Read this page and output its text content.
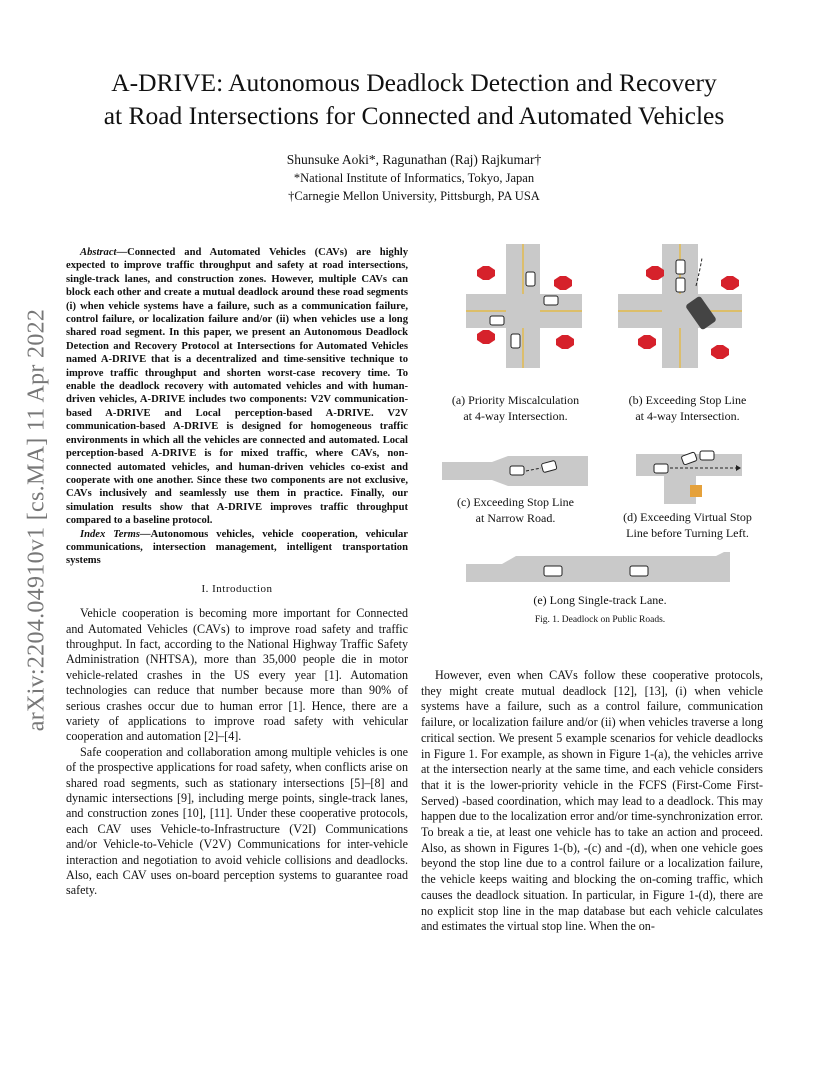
A-DRIVE: Autonomous Deadlock Detection and Recovery
at Road Intersections for Connected and Automated Vehicles
Shunsuke Aoki*, Ragunathan (Raj) Rajkumar†
*National Institute of Informatics, Tokyo, Japan
†Carnegie Mellon University, Pittsburgh, PA USA
arXiv:2204.04910v1 [cs.MA] 11 Apr 2022

Abstract—Connected and Automated Vehicles (CAVs) are highly expected to improve traffic throughput and safety at road intersections, single-track lanes, and construction zones. However, multiple CAVs can block each other and create a mutual deadlock around these road segments (i) when vehicle systems have a failure, such as a communication failure, control failure, or localization failure and/or (ii) when vehicles use a long shared road segment. In this paper, we present an Autonomous Deadlock Detection and Recovery Protocol at Intersections for Automated Vehicles named A-DRIVE that is a decentralized and time-sensitive technique to improve traffic throughput and shorten worst-case recovery time. To enable the deadlock recovery with automated vehicles and with human-driven vehicles, A-DRIVE includes two components: V2V communication-based A-DRIVE and Local perception-based A-DRIVE. V2V communication-based A-DRIVE is designed for homogeneous traffic environments in which all the vehicles are connected and automated. Local perception-based A-DRIVE is for mixed traffic, where CAVs, non-connected automated vehicles, and human-driven vehicles co-exist and cooperate with one another. Since these two components are not exclusive, CAVs inclusively and seamlessly use them in practice. Finally, our simulation results show that A-DRIVE improves traffic throughput compared to a baseline protocol.

Index Terms—Autonomous vehicles, vehicle cooperation, vehicular communications, intersection management, intelligent transportation systems

I. Introduction

Vehicle cooperation is becoming more important for Connected and Automated Vehicles (CAVs) to improve road safety and traffic throughput. In fact, according to the National Highway Traffic Safety Administration (NHTSA), more than 35,000 people die in motor vehicle-related crashes in the US every year [1]. Automation technologies can reduce that number because more than 90% of serious crashes occur due to human error [1]. Hence, there are a variety of applications to improve road safety with vehicular cooperation and automation [2]–[4].

Safe cooperation and collaboration among multiple vehicles is one of the prospective applications for road safety, when conflicts arise on shared road segments, such as stationary intersections [5]–[8] and dynamic intersections [9], including merge points, single-track lanes, and construction zones [10], [11]. Under these cooperative protocols, each CAV uses Vehicle-to-Infrastructure (V2I) Communications and/or Vehicle-to-Vehicle (V2V) Communications for inter-vehicle interaction and negotiation to avoid vehicle collisions and deadlocks. Also, each CAV uses on-board perception systems to guarantee road safety.

(a) Priority Miscalculation
at 4-way Intersection.
(b) Exceeding Stop Line
at 4-way Intersection.
(c) Exceeding Stop Line
at Narrow Road.	(d) Exceeding Virtual Stop
Line before Turning Left.
(e) Long Single-track Lane.
Fig. 1. Deadlock on Public Roads.

However, even when CAVs follow these cooperative protocols, they might create mutual deadlock [12], [13], (i) when vehicle systems have a failure, such as a control failure, communication failure, or localization failure and/or (ii) when vehicles traverse a long critical section. We present 5 example scenarios for vehicle deadlocks in Figure 1. For example, as shown in Figure 1-(a), the vehicles arrive at the intersection nearly at the same time, and each vehicle considers that it is the lower-priority vehicle in the FCFS (First-Come First-Served) -based coordination, which may lead to a deadlock. This may happen due to the localization error and/or time-synchronization error. To break a tie, at least one vehicle has to take an action and proceed. Also, as shown in Figures 1-(b), -(c) and -(d), when one vehicle goes beyond the stop line due to a control failure or a localization failure, the vehicle keeps waiting and blocking the on-coming traffic, which causes the deadlock situation. In particular, in Figure 1-(d), there are no explicit stop line in the map database but each vehicle calculates and estimates the virtual stop line. When the on-
